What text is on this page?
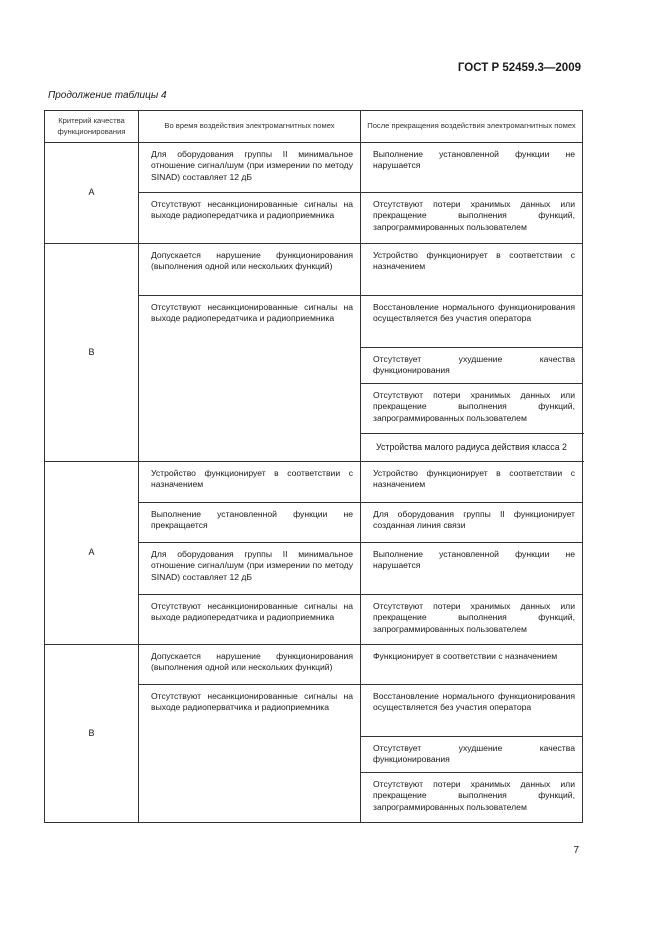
ГОСТ Р 52459.3—2009
Продолжение таблицы 4
Критерий качества функционирования	Во время воздействия электромагнитных помех	После прекращения воздействия электромагнитных помех
А	Для оборудования группы II минимальное отношение сигнал/шум (при измерении по методу SINAD) составляет 12 дБ	Выполнение установленной функции не нарушается
	Отсутствуют несанкционированные сигналы на выходе радиопередатчика и радиоприемника	Отсутствуют потери хранимых данных или прекращение выполнения функций, запрограммированных пользователем
В	Допускается нарушение функционирования (выполнения одной или нескольких функций)	Устройство функционирует в соответствии с назначением
	Отсутствуют несанкционированные сигналы на выходе радиопередатчика и радиоприемника	Восстановление нормального функционирования осуществляется без участия оператора
		Отсутствует ухудшение качества функционирования
		Отсутствуют потери хранимых данных или прекращение выполнения функций, запрограммированных пользователем
		Устройства малого радиуса действия класса 2
А	Устройство функционирует в соответствии с назначением	Устройство функционирует в соответствии с назначением
	Выполнение установленной функции не прекращается	Для оборудования группы II функционирует созданная линия связи
	Для оборудования группы II минимальное отношение сигнал/шум (при измерении по методу SINAD) составляет 12 дБ	Выполнение установленной функции не нарушается
	Отсутствуют несанкционированные сигналы на выходе радиопередатчика и радиоприемника	Отсутствуют потери хранимых данных или прекращение выполнения функций, запрограммированных пользователем
В	Допускается нарушение функционирования (выполнения одной или нескольких функций)	Функционирует в соответствии с назначением
	Отсутствуют несанкционированные сигналы на выходе радиоперватчика и радиоприемника	Восстановление нормального функционирования осуществляется без участия оператора
		Отсутствует ухудшение качества функционирования
		Отсутствуют потери хранимых данных или прекращение выполнения функций, запрограммированных пользователем
7
